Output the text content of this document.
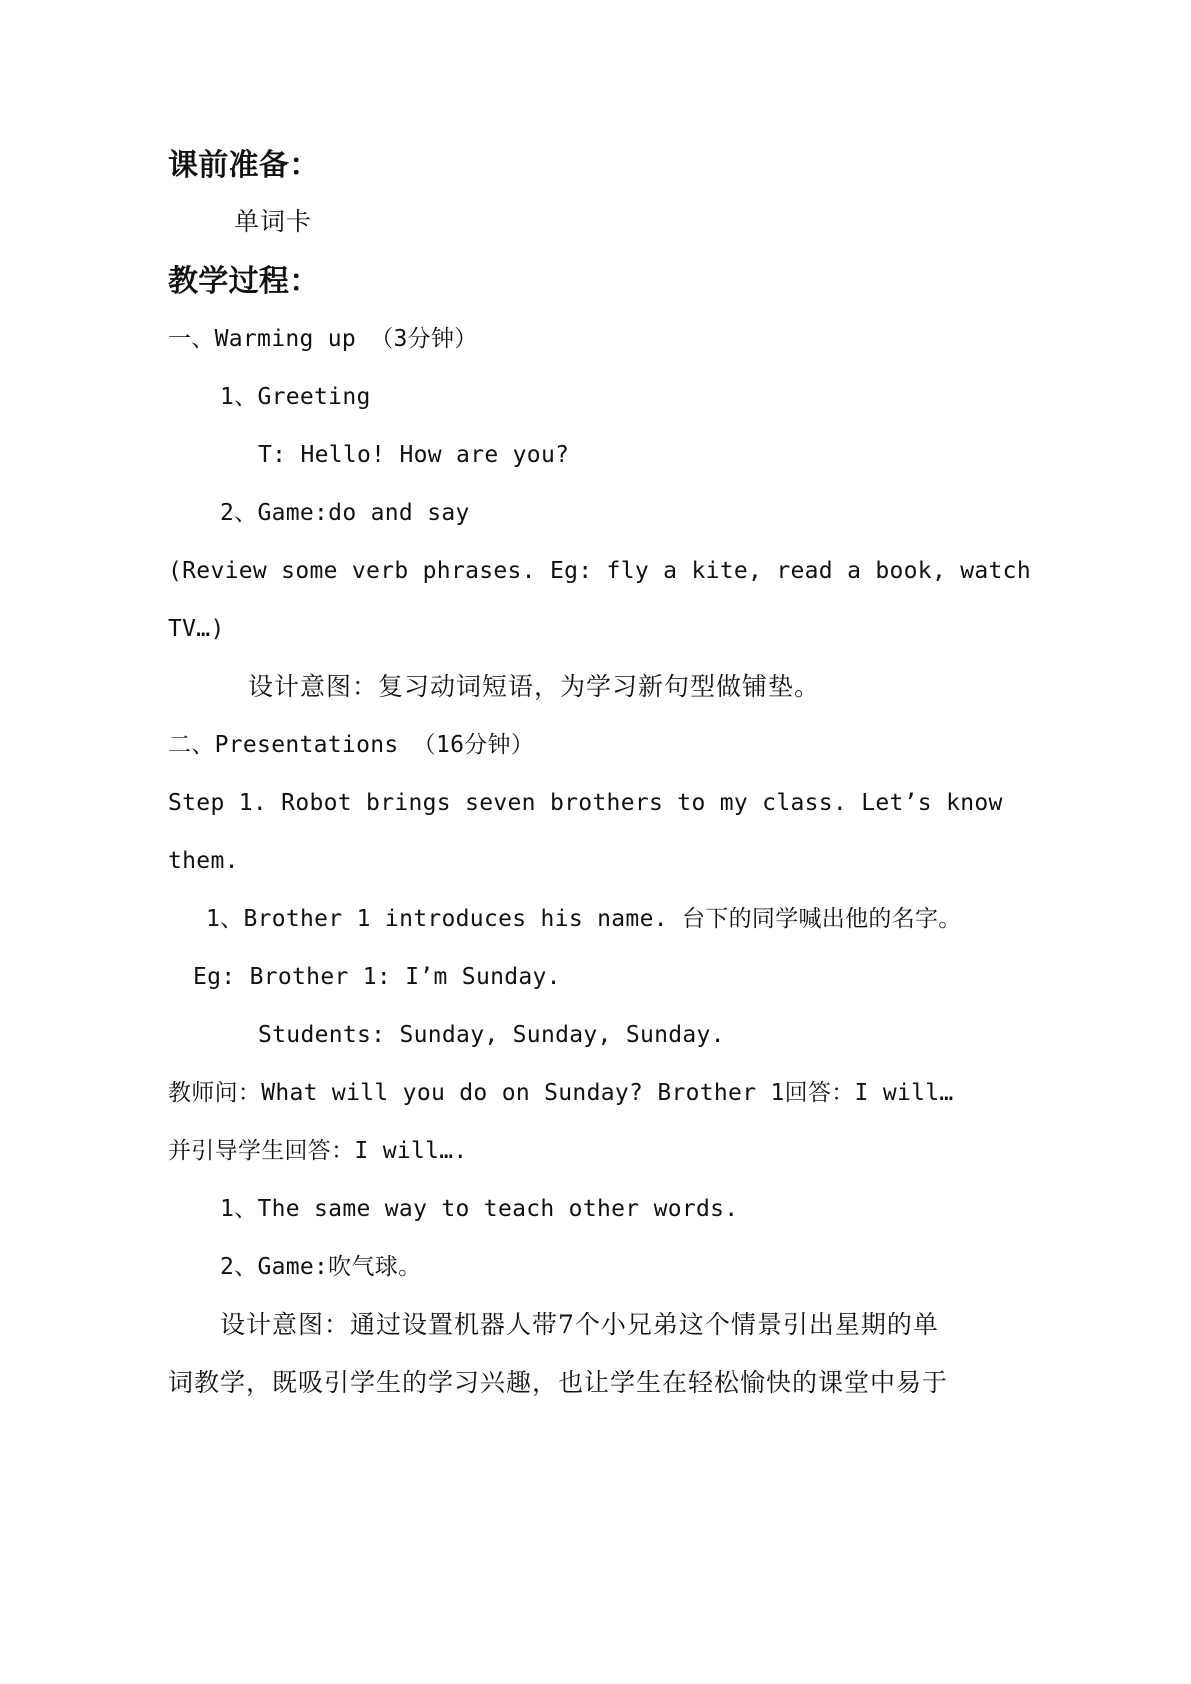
课前准备：
单词卡
教学过程：
一、Warming up （3分钟）
1、Greeting
T: Hello! How are you?
2、Game:do and say
(Review some verb phrases. Eg: fly a kite, read a book, watch
TV…)
设计意图：复习动词短语，为学习新句型做铺垫。
二、Presentations （16分钟）
Step 1. Robot brings seven brothers to my class. Let’s know
them.
1、Brother 1 introduces his name. 台下的同学喊出他的名字。
Eg: Brother 1: I’m Sunday.
Students: Sunday, Sunday, Sunday.
教师问：What will you do on Sunday? Brother 1回答：I will…
并引导学生回答：I will….
1、The same way to teach other words.
2、Game:吹气球。
设计意图：通过设置机器人带7个小兄弟这个情景引出星期的单
词教学，既吸引学生的学习兴趣，也让学生在轻松愉快的课堂中易于
